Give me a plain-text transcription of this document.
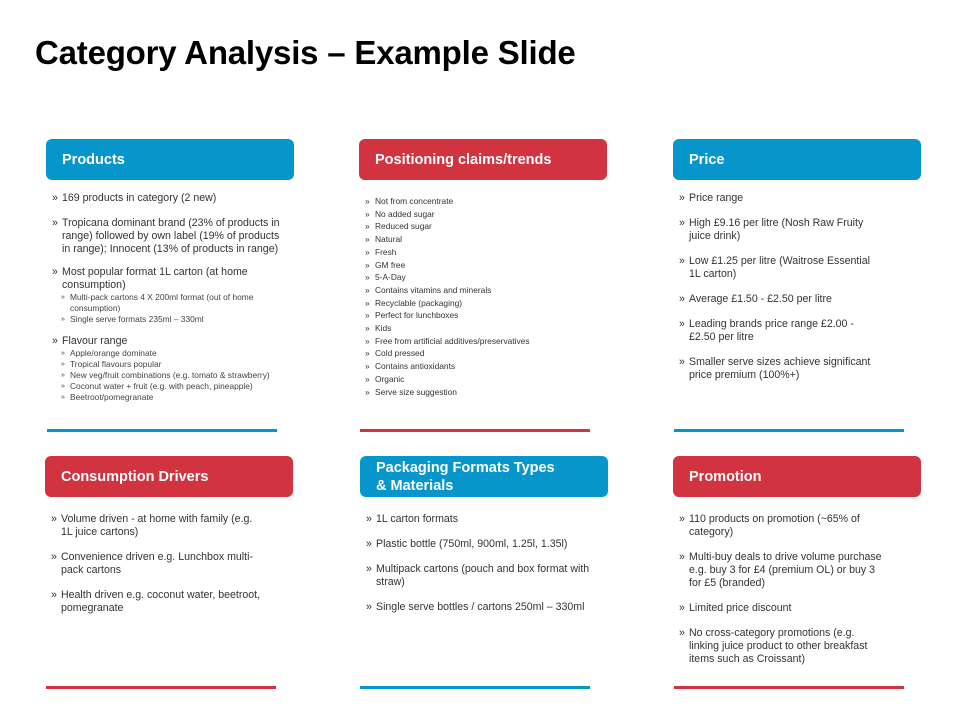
Category Analysis – Example Slide
Products
» 169 products in category (2 new)
» Tropicana dominant brand (23% of products in range) followed by own label (19% of products in range); Innocent (13% of products in range)
» Most popular format 1L carton (at home consumption)
» Multi-pack cartons 4 X 200ml format (out of home consumption)
» Single serve formats 235ml – 330ml
» Flavour range
» Apple/orange dominate
» Tropical flavours popular
» New veg/fruit combinations (e.g. tomato & strawberry)
» Coconut water + fruit (e.g. with peach, pineapple)
» Beetroot/pomegranate
Positioning claims/trends
» Not from concentrate
» No added sugar
» Reduced sugar
» Natural
» Fresh
» GM free
» 5-A-Day
» Contains vitamins and minerals
» Recyclable (packaging)
» Perfect for lunchboxes
» Kids
» Free from artificial additives/preservatives
» Cold pressed
» Contains antioxidants
» Organic
» Serve size suggestion
Price
» Price range
» High £9.16 per litre (Nosh Raw Fruity juice drink)
» Low £1.25 per litre (Waitrose Essential 1L carton)
» Average £1.50 - £2.50 per litre
» Leading brands price range £2.00 - £2.50 per litre
» Smaller serve sizes achieve significant price premium (100%+)
Consumption Drivers
» Volume driven - at home with family (e.g. 1L juice cartons)
» Convenience driven e.g. Lunchbox multi-pack cartons
» Health driven e.g. coconut water, beetroot, pomegranate
Packaging Formats Types
& Materials
» 1L carton formats
» Plastic bottle (750ml, 900ml, 1.25l, 1.35l)
» Multipack cartons (pouch and box format with straw)
» Single serve bottles / cartons 250ml – 330ml
Promotion
» 110 products on promotion (~65% of category)
» Multi-buy deals to drive volume purchase e.g. buy 3 for £4 (premium OL) or buy 3 for £5 (branded)
» Limited price discount
» No cross-category promotions (e.g. linking juice product to other breakfast items such as Croissant)
